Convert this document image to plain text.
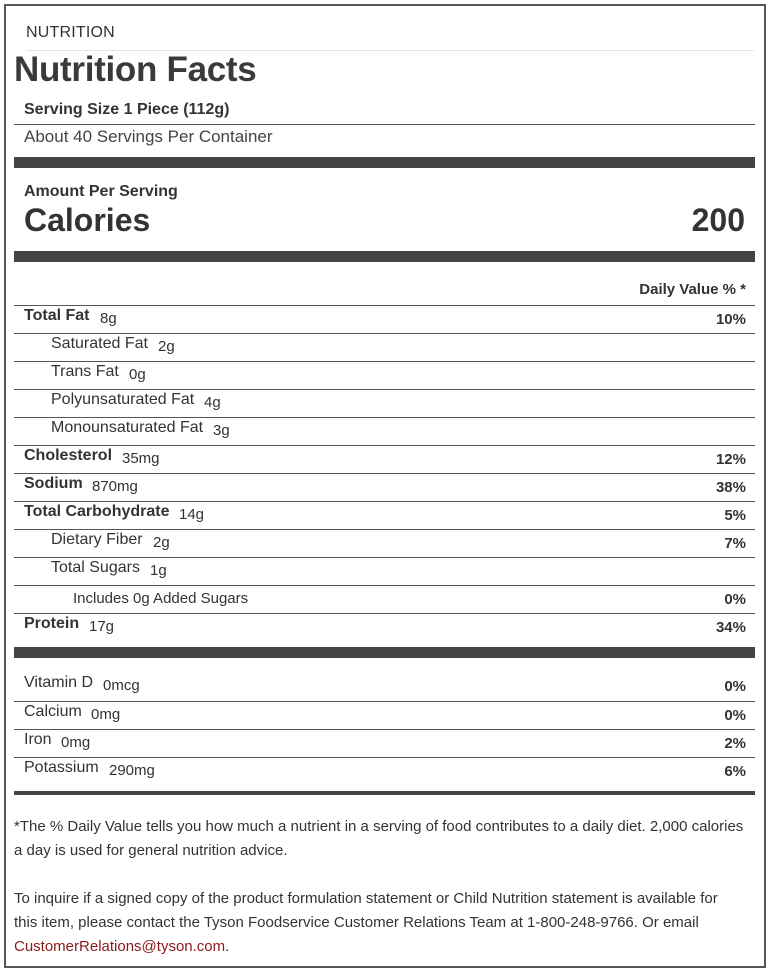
NUTRITION
Nutrition Facts
Serving Size 1 Piece (112g)
About 40 Servings Per Container
Amount Per Serving
Calories	200
Daily Value % *
Total Fat 8g	10%
Saturated Fat 2g
Trans Fat 0g
Polyunsaturated Fat 4g
Monounsaturated Fat 3g
Cholesterol 35mg	12%
Sodium 870mg	38%
Total Carbohydrate 14g	5%
Dietary Fiber 2g	7%
Total Sugars 1g
Includes 0g Added Sugars	0%
Protein 17g	34%
Vitamin D 0mcg	0%
Calcium 0mg	0%
Iron 0mg	2%
Potassium 290mg	6%
*The % Daily Value tells you how much a nutrient in a serving of food contributes to a daily diet. 2,000 calories a day is used for general nutrition advice.
To inquire if a signed copy of the product formulation statement or Child Nutrition statement is available for this item, please contact the Tyson Foodservice Customer Relations Team at 1-800-248-9766. Or email CustomerRelations@tyson.com.
